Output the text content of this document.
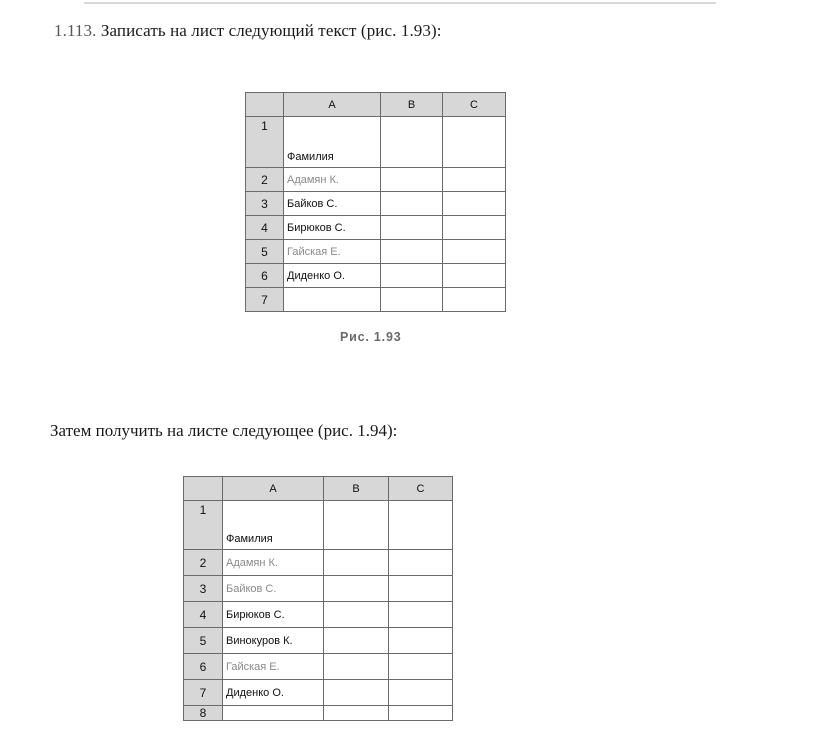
1.113. Записать на лист следующий текст (рис. 1.93):
	A	B	C
1	Фамилия		
2	Адамян К.		
3	Байков С.		
4	Бирюков С.		
5	Гайская Е.		
6	Диденко О.		
7			
Рис. 1.93
Затем получить на листе следующее (рис. 1.94):
	A	B	C
1	Фамилия		
2	Адамян К.		
3	Байков С.		
4	Бирюков С.		
5	Винокуров К.		
6	Гайская Е.		
7	Диденко О.		
8			
